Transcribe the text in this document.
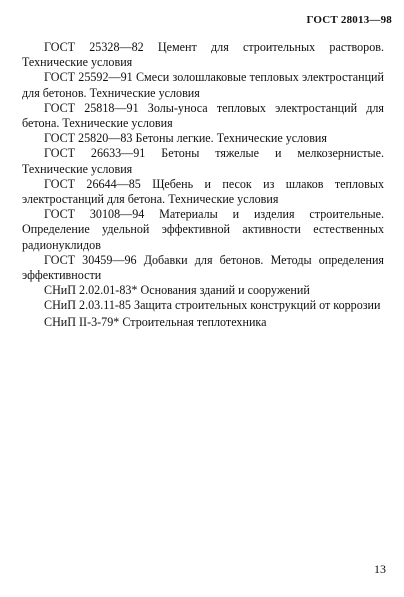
ГОСТ 28013—98
ГОСТ 25328—82 Цемент для строительных растворов. Технические условия
ГОСТ 25592—91 Смеси золошлаковые тепловых электростанций для бетонов. Технические условия
ГОСТ 25818—91 Золы-уноса тепловых электростанций для бетона. Технические условия
ГОСТ 25820—83 Бетоны легкие. Технические условия
ГОСТ 26633—91 Бетоны тяжелые и мелкозернистые. Технические условия
ГОСТ 26644—85 Щебень и песок из шлаков тепловых электростанций для бетона. Технические условия
ГОСТ 30108—94 Материалы и изделия строительные. Определение удельной эффективной активности естественных радионуклидов
ГОСТ 30459—96 Добавки для бетонов. Методы определения эффективности
СНиП 2.02.01-83* Основания зданий и сооружений
СНиП 2.03.11-85 Защита строительных конструкций от коррозии
СНиП II-3-79* Строительная теплотехника
13
